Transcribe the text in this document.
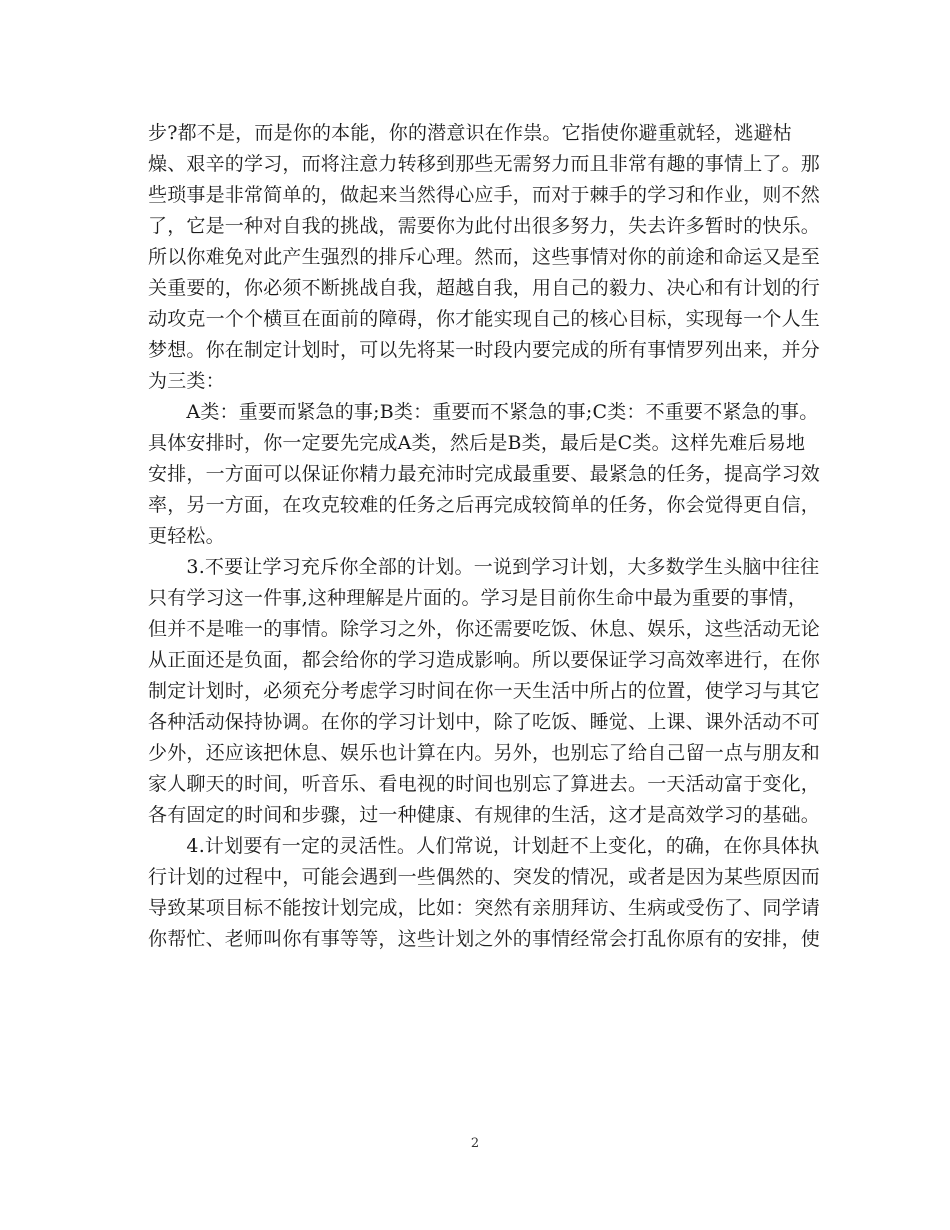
步?都不是，而是你的本能，你的潜意识在作祟。它指使你避重就轻，逃避枯
燥、艰辛的学习，而将注意力转移到那些无需努力而且非常有趣的事情上了。那
些琐事是非常简单的，做起来当然得心应手，而对于棘手的学习和作业，则不然
了，它是一种对自我的挑战，需要你为此付出很多努力，失去许多暂时的快乐。
所以你难免对此产生强烈的排斥心理。然而，这些事情对你的前途和命运又是至
关重要的，你必须不断挑战自我，超越自我，用自己的毅力、决心和有计划的行
动攻克一个个横亘在面前的障碍，你才能实现自己的核心目标，实现每一个人生
梦想。你在制定计划时，可以先将某一时段内要完成的所有事情罗列出来，并分
为三类：
　　A类：重要而紧急的事;B类：重要而不紧急的事;C类：不重要不紧急的事。
具体安排时，你一定要先完成A类，然后是B类，最后是C类。这样先难后易地
安排，一方面可以保证你精力最充沛时完成最重要、最紧急的任务，提高学习效
率，另一方面，在攻克较难的任务之后再完成较简单的任务，你会觉得更自信，
更轻松。
　　3.不要让学习充斥你全部的计划。一说到学习计划，大多数学生头脑中往往
只有学习这一件事,这种理解是片面的。学习是目前你生命中最为重要的事情，
但并不是唯一的事情。除学习之外，你还需要吃饭、休息、娱乐，这些活动无论
从正面还是负面，都会给你的学习造成影响。所以要保证学习高效率进行，在你
制定计划时，必须充分考虑学习时间在你一天生活中所占的位置，使学习与其它
各种活动保持协调。在你的学习计划中，除了吃饭、睡觉、上课、课外活动不可
少外，还应该把休息、娱乐也计算在内。另外，也别忘了给自己留一点与朋友和
家人聊天的时间，听音乐、看电视的时间也别忘了算进去。一天活动富于变化，
各有固定的时间和步骤，过一种健康、有规律的生活，这才是高效学习的基础。
　　4.计划要有一定的灵活性。人们常说，计划赶不上变化，的确，在你具体执
行计划的过程中，可能会遇到一些偶然的、突发的情况，或者是因为某些原因而
导致某项目标不能按计划完成，比如：突然有亲朋拜访、生病或受伤了、同学请
你帮忙、老师叫你有事等等，这些计划之外的事情经常会打乱你原有的安排，使
2
